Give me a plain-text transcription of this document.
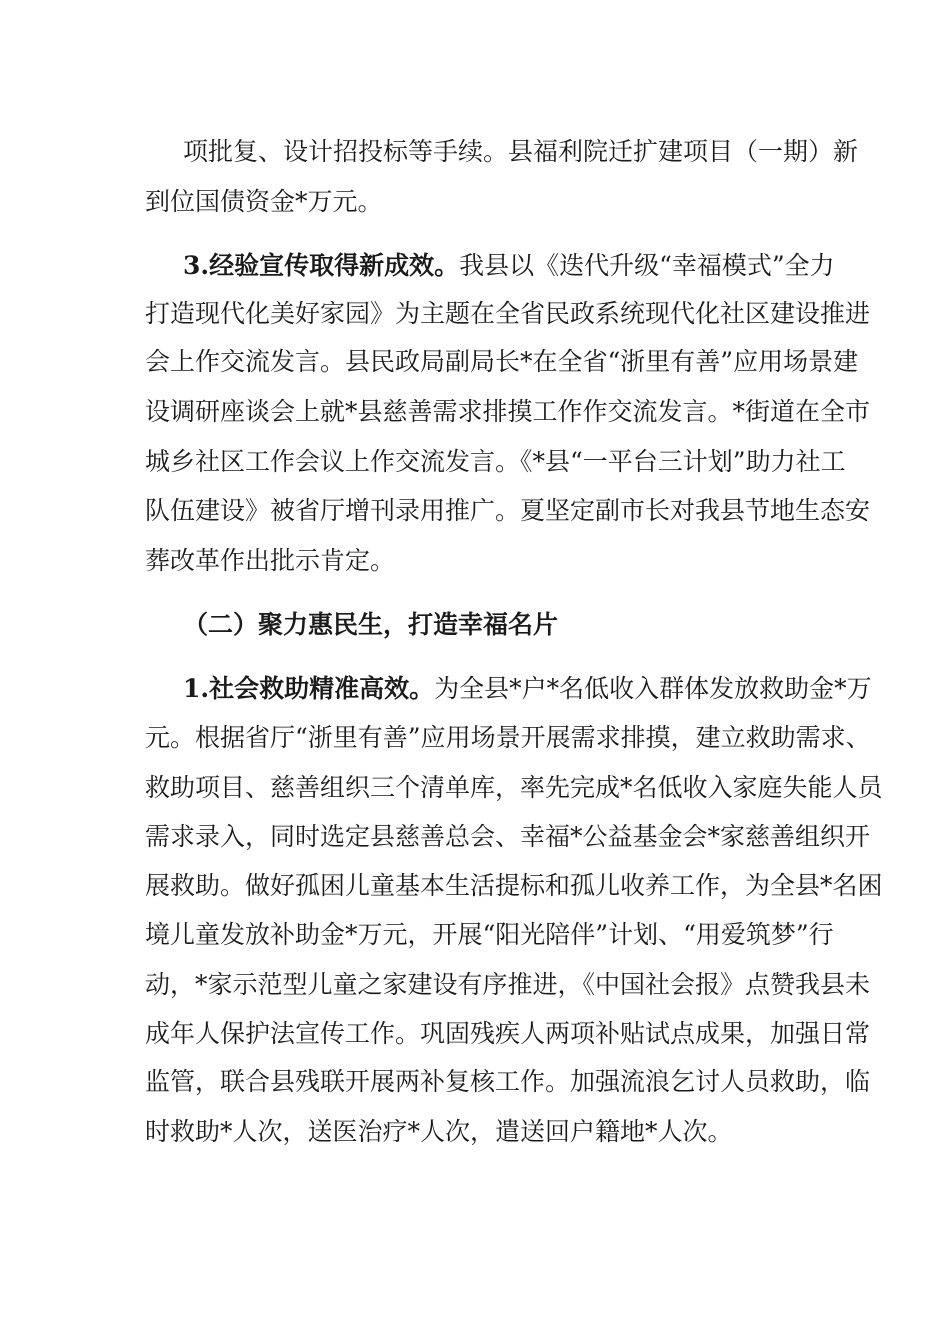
项批复、设计招投标等手续。县福利院迁扩建项目（一期）新
到位国债资金*万元。
3.经验宣传取得新成效。我县以《迭代升级“幸福模式”全力
打造现代化美好家园》为主题在全省民政系统现代化社区建设推进
会上作交流发言。县民政局副局长*在全省“浙里有善”应用场景建
设调研座谈会上就*县慈善需求排摸工作作交流发言。*街道在全市
城乡社区工作会议上作交流发言。《*县“一平台三计划”助力社工
队伍建设》被省厅增刊录用推广。夏坚定副市长对我县节地生态安
葬改革作出批示肯定。
（二）聚力惠民生，打造幸福名片
1.社会救助精准高效。为全县*户*名低收入群体发放救助金*万
元。根据省厅“浙里有善”应用场景开展需求排摸，建立救助需求、
救助项目、慈善组织三个清单库，率先完成*名低收入家庭失能人员
需求录入，同时选定县慈善总会、幸福*公益基金会*家慈善组织开
展救助。做好孤困儿童基本生活提标和孤儿收养工作，为全县*名困
境儿童发放补助金*万元，开展“阳光陪伴”计划、“用爱筑梦”行
动，*家示范型儿童之家建设有序推进，《中国社会报》点赞我县未
成年人保护法宣传工作。巩固残疾人两项补贴试点成果，加强日常
监管，联合县残联开展两补复核工作。加强流浪乞讨人员救助，临
时救助*人次，送医治疗*人次，遣送回户籍地*人次。
